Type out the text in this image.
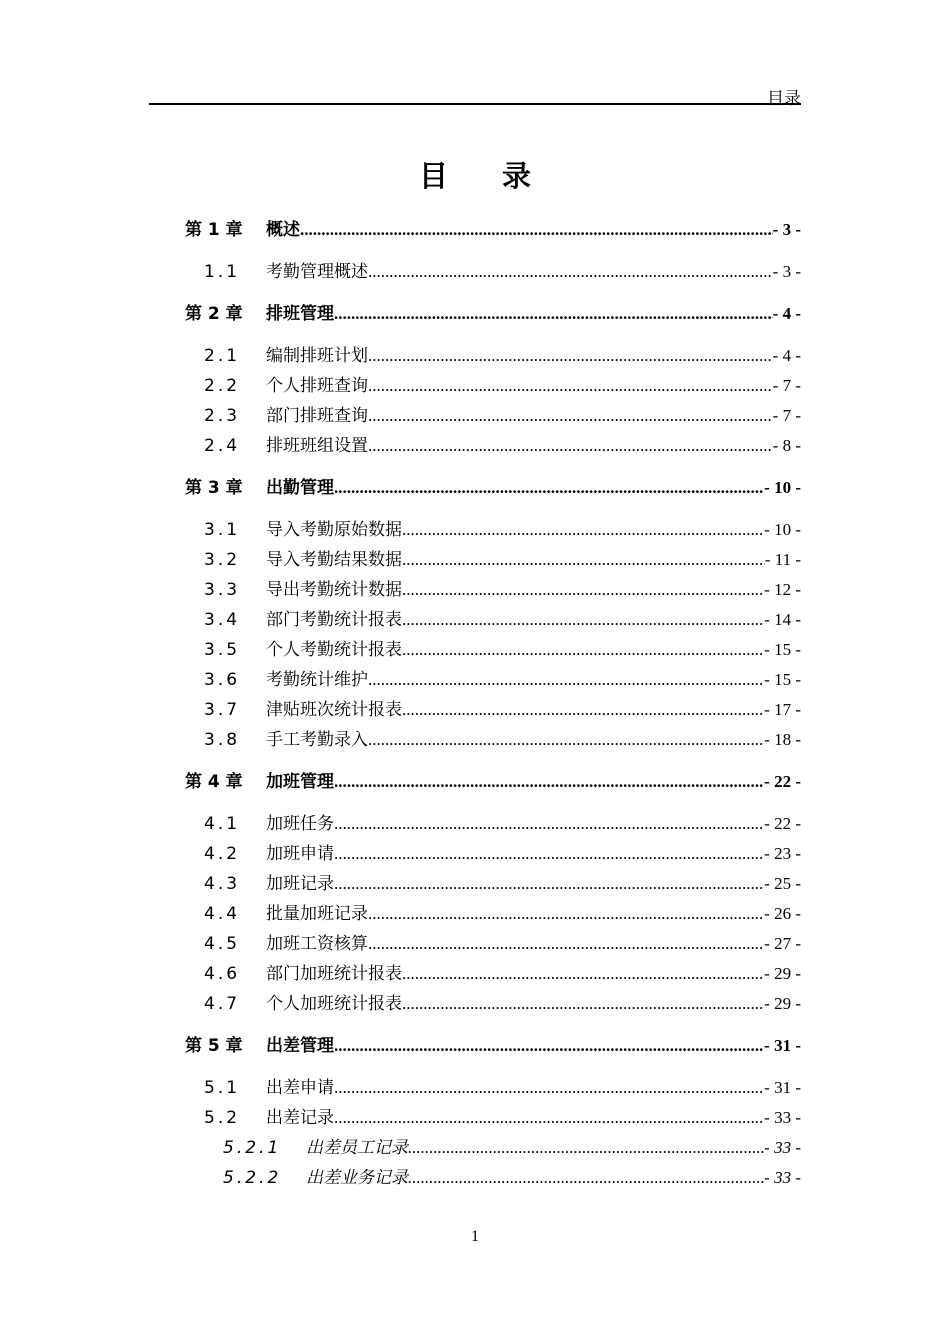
目录
目 录
第 1 章 概述 .....	- 3 -
1.1 考勤管理概述 .....	- 3 -
第 2 章 排班管理 .....	- 4 -
2.1 编制排班计划 .....	- 4 -
2.2 个人排班查询 .....	- 7 -
2.3 部门排班查询 .....	- 7 -
2.4 排班班组设置 .....	- 8 -
第 3 章 出勤管理 .....	- 10 -
3.1 导入考勤原始数据 .....	- 10 -
3.2 导入考勤结果数据 .....	- 11 -
3.3 导出考勤统计数据 .....	- 12 -
3.4 部门考勤统计报表 .....	- 14 -
3.5 个人考勤统计报表 .....	- 15 -
3.6 考勤统计维护 .....	- 15 -
3.7 津贴班次统计报表 .....	- 17 -
3.8 手工考勤录入 .....	- 18 -
第 4 章 加班管理 .....	- 22 -
4.1 加班任务 .....	- 22 -
4.2 加班申请 .....	- 23 -
4.3 加班记录 .....	- 25 -
4.4 批量加班记录 .....	- 26 -
4.5 加班工资核算 .....	- 27 -
4.6 部门加班统计报表 .....	- 29 -
4.7 个人加班统计报表 .....	- 29 -
第 5 章 出差管理 .....	- 31 -
5.1 出差申请 .....	- 31 -
5.2 出差记录 .....	- 33 -
5.2.1 出差员工记录 .....	- 33 -
5.2.2 出差业务记录 .....	- 33 -
1
